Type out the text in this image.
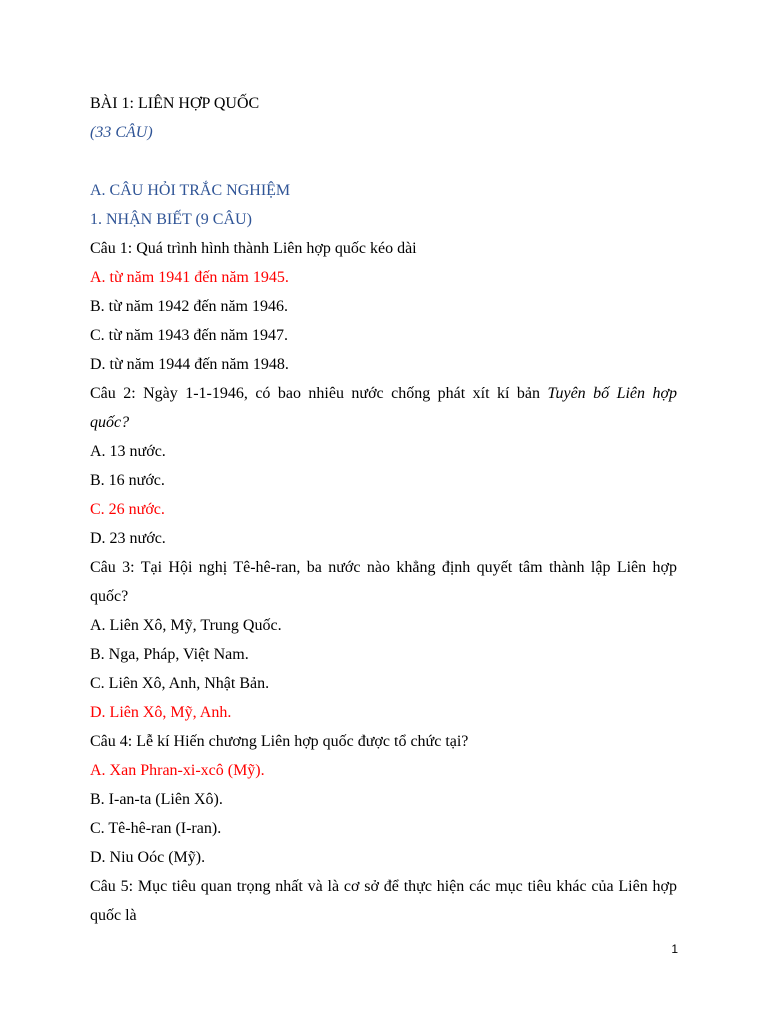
BÀI 1: LIÊN HỢP QUỐC
(33 CÂU)
A. CÂU HỎI TRẮC NGHIỆM
1. NHẬN BIẾT (9 CÂU)
Câu 1: Quá trình hình thành Liên hợp quốc kéo dài
A. từ năm 1941 đến năm 1945.
B. từ năm 1942 đến năm 1946.
C. từ năm 1943 đến năm 1947.
D. từ năm 1944 đến năm 1948.
Câu 2: Ngày 1-1-1946, có bao nhiêu nước chống phát xít kí bản Tuyên bố Liên hợp
quốc?
A. 13 nước.
B. 16 nước.
C. 26 nước.
D. 23 nước.
Câu 3: Tại Hội nghị Tê-hê-ran, ba nước nào khẳng định quyết tâm thành lập Liên hợp
quốc?
A. Liên Xô, Mỹ, Trung Quốc.
B. Nga, Pháp, Việt Nam.
C. Liên Xô, Anh, Nhật Bản.
D. Liên Xô, Mỹ, Anh.
Câu 4: Lễ kí Hiến chương Liên hợp quốc được tổ chức tại?
A. Xan Phran-xi-xcô (Mỹ).
B. I-an-ta (Liên Xô).
C. Tê-hê-ran (I-ran).
D. Niu Oóc (Mỹ).
Câu 5: Mục tiêu quan trọng nhất và là cơ sở để thực hiện các mục tiêu khác của Liên hợp
quốc là
1
